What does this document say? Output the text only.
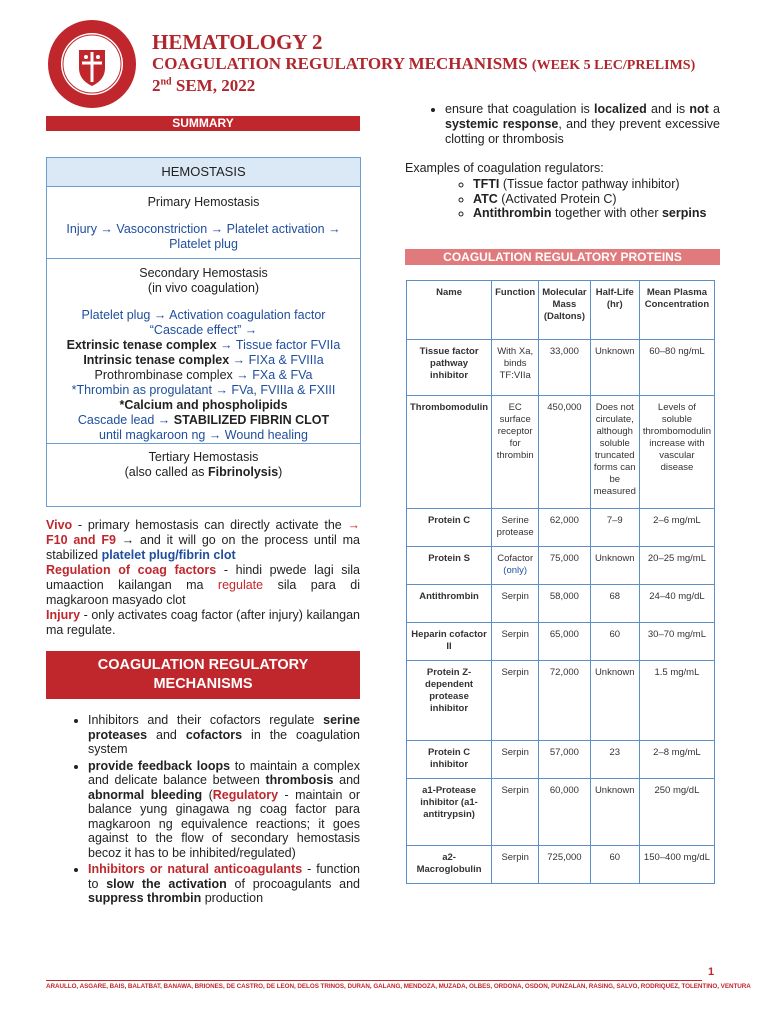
HEMATOLOGY 2
COAGULATION REGULATORY MECHANISMS (WEEK 5 LEC/PRELIMS)
2nd SEM, 2022
SUMMARY
HEMOSTASIS

Primary Hemostasis

Injury → Vasoconstriction → Platelet activation →

Platelet plug

Secondary Hemostasis

(in vivo coagulation)

Platelet plug → Activation coagulation factor

“Cascade effect” →

Extrinsic tenase complex → Tissue factor FVIIa

Intrinsic tenase complex → FIXa & FVIIIa

Prothrombinase complex → FXa & FVa

*Thrombin as progulatant → FVa, FVIIIa & FXIII

*Calcium and phospholipids

Cascade lead → STABILIZED FIBRIN CLOT

until magkaroon ng → Wound healing

Tertiary Hemostasis

(also called as Fibrinolysis)

Vivo - primary hemostasis can directly activate the → F10 and F9 → and it will go on the process until ma stabilized platelet plug/fibrin clot

Regulation of coag factors - hindi pwede lagi sila umaaction kailangan ma regulate sila para di magkaroon masyado clot

Injury - only activates coag factor (after injury) kailangan ma regulate.

COAGULATION REGULATORY MECHANISMS
• Inhibitors and their cofactors regulate serine proteases and cofactors in the coagulation system
• provide feedback loops to maintain a complex and delicate balance between thrombosis and abnormal bleeding (Regulatory - maintain or balance yung ginagawa ng coag factor para magkaroon ng equivalence reactions; it goes against to the flow of secondary hemostasis becoz it has to be inhibited/regulated)
• Inhibitors or natural anticoagulants - function to slow the activation of procoagulants and suppress thrombin production
• ensure that coagulation is localized and is not a systemic response, and they prevent excessive clotting or thrombosis
Examples of coagulation regulators:
◦ TFTI (Tissue factor pathway inhibitor)
◦ ATC (Activated Protein C)
◦ Antithrombin together with other serpins
COAGULATION REGULATORY PROTEINS
Name	Function	Molecular Mass (Daltons)	Half-Life (hr)	Mean Plasma Concentration
Tissue factor pathway inhibitor	With Xa, binds TF:VIIa	33,000	Unknown	60–80 ng/mL
Thrombomodulin	EC surface receptor for thrombin	450,000	Does not circulate, although soluble truncated forms can be measured	Levels of soluble thrombomodulin increase with vascular disease
Protein C	Serine protease	62,000	7–9	2–6 mg/mL
Protein S	Cofactor
(only)	75,000	Unknown	20–25 mg/mL
Antithrombin	Serpin	58,000	68	24–40 mg/dL
Heparin cofactor II	Serpin	65,000	60	30–70 mg/mL
Protein Z-dependent protease inhibitor	Serpin	72,000	Unknown	1.5 mg/mL
Protein C inhibitor	Serpin	57,000	23	2–8 mg/mL
a1-Protease inhibitor (a1-antitrypsin)	Serpin	60,000	Unknown	250 mg/dL
a2-Macroglobulin	Serpin	725,000	60	150–400 mg/dL
1
ARAULLO, ASGARE, BAIS, BALATBAT, BANAWA, BRIONES, DE CASTRO, DE LEON, DELOS TRINOS, DURAN, GALANG, MENDOZA, MUZADA, OLBES, ORDONA, OSDON, PUNZALAN, RASING, SALVO, RODRIQUEZ, TOLENTINO, VENTURA
